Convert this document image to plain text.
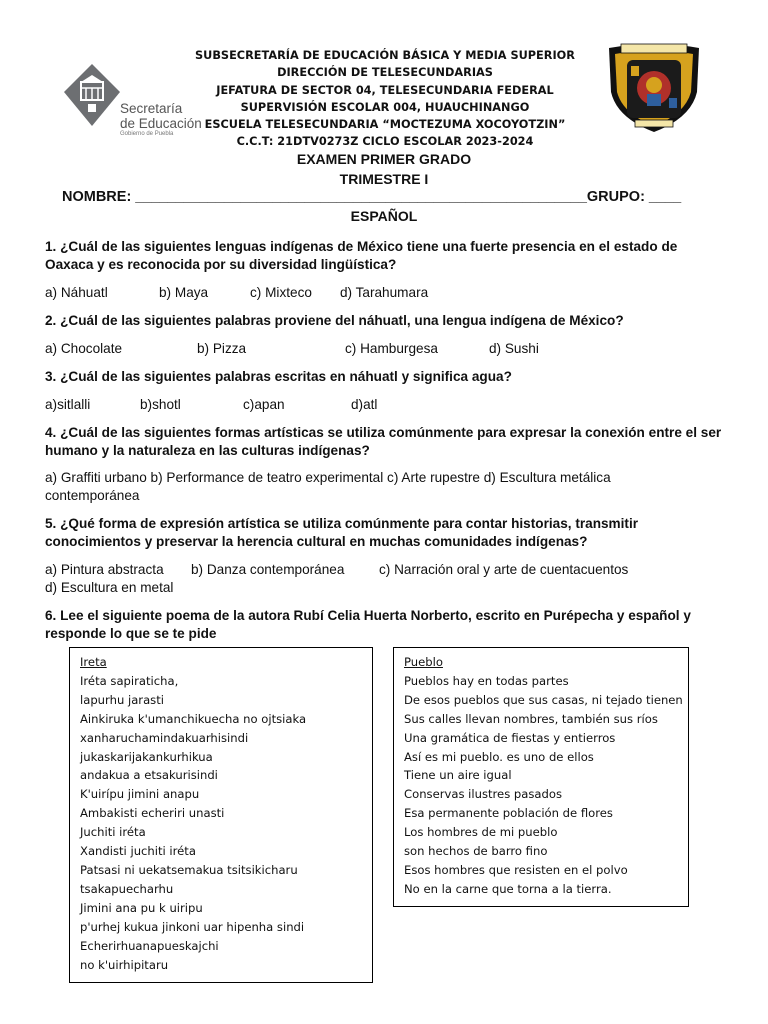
Secretaría
de Educación
Gobierno de Puebla
SUBSECRETARÍA DE EDUCACIÓN BÁSICA Y MEDIA SUPERIOR
DIRECCIÓN DE TELESECUNDARIAS
JEFATURA DE SECTOR 04, TELESECUNDARIA FEDERAL
SUPERVISIÓN ESCOLAR 004, HUAUCHINANGO
ESCUELA TELESECUNDARIA “MOCTEZUMA XOCOYOTZIN”
C.C.T: 21DTV0273Z CICLO ESCOLAR 2023-2024
EXAMEN PRIMER GRADO
TRIMESTRE I
NOMBRE: ________________________________________________________GRUPO: ____
ESPAÑOL
1. ¿Cuál de las siguientes lenguas indígenas de México tiene una fuerte presencia en el estado de Oaxaca y es reconocida por su diversidad lingüística?
a) Náhuatl	b) Maya	c) Mixteco d) Tarahumara
2. ¿Cuál de las siguientes palabras proviene del náhuatl, una lengua indígena de México?
a) Chocolate	b) Pizza	c) Hamburgesa	d) Sushi
3. ¿Cuál de las siguientes palabras escritas en náhuatl y significa agua?
a)sitlalli	b)shotl	c)apan	d)atl
4. ¿Cuál de las siguientes formas artísticas se utiliza comúnmente para expresar la conexión entre el ser humano y la naturaleza en las culturas indígenas?
a) Graffiti urbano b) Performance de teatro experimental c) Arte rupestre d) Escultura metálica contemporánea
5. ¿Qué forma de expresión artística se utiliza comúnmente para contar historias, transmitir conocimientos y preservar la herencia cultural en muchas comunidades indígenas?
a) Pintura abstracta b) Danza contemporánea	c) Narración oral y arte de cuentacuentos
d) Escultura en metal
6. Lee el siguiente poema de la autora Rubí Celia Huerta Norberto, escrito en Purépecha y español y responde lo que se te pide
Ireta
Iréta sapiraticha,
lapurhu jarasti
Ainkiruka k'umanchikuecha no ojtsiaka
xanharuchamindakuarhisindi
jukaskarijakankurhikua
andakua a etsakurisindi
K'uirípu jimini anapu
Ambakisti echeriri unasti
Juchiti iréta
Xandisti juchiti iréta
Patsasi ni uekatsemakua tsitsikicharu
tsakapuecharhu
Jimini ana pu k uiripu
p'urhej kukua jinkoni uar hipenha sindi
Echerirhuanapueskajchi
no k'uirhipitaru
Pueblo
Pueblos hay en todas partes
De esos pueblos que sus casas, ni tejado tienen
Sus calles llevan nombres, también sus ríos
Una gramática de fiestas y entierros
Así es mi pueblo. es uno de ellos
Tiene un aire igual
Conservas ilustres pasados
Esa permanente población de flores
Los hombres de mi pueblo
son hechos de barro fino
Esos hombres que resisten en el polvo
No en la carne que torna a la tierra.
